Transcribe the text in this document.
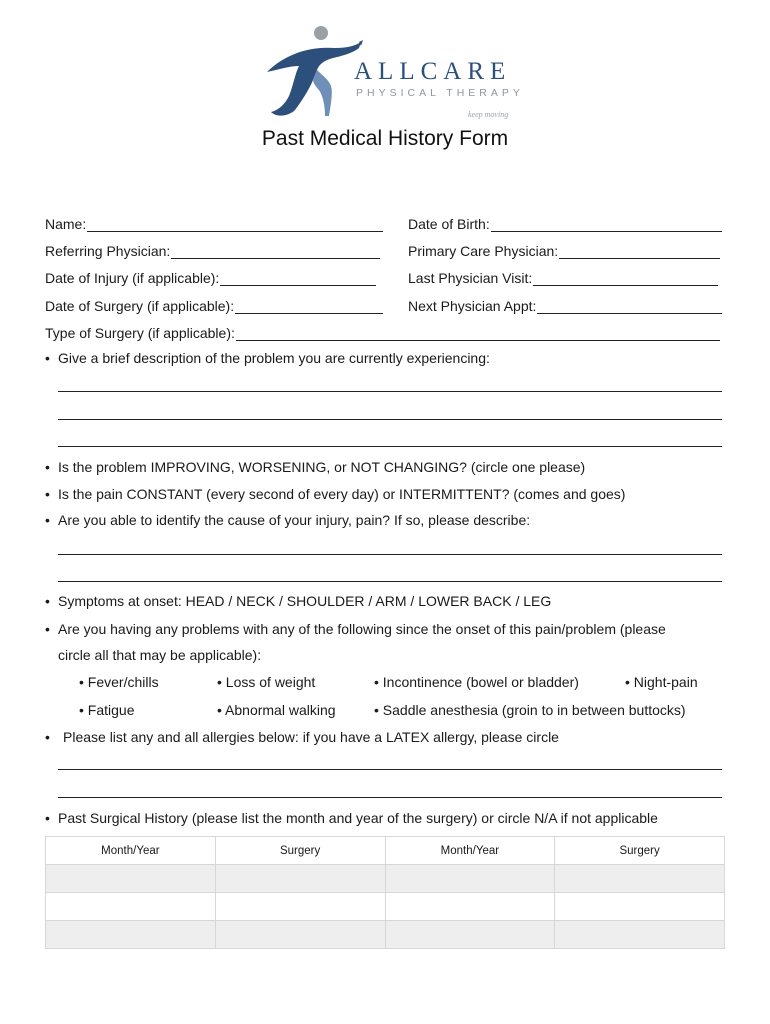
ALLCARE
PHYSICAL THERAPY
keep moving
Past Medical History Form
Name:	Date of Birth:
Referring Physician:	Primary Care Physician:
Date of Injury (if applicable):	Last Physician Visit:
Date of Surgery (if applicable):	Next Physician Appt:
Type of Surgery (if applicable):
• Give a brief description of the problem you are currently experiencing:
• Is the problem IMPROVING, WORSENING, or NOT CHANGING? (circle one please)
• Is the pain CONSTANT (every second of every day) or INTERMITTENT? (comes and goes)
• Are you able to identify the cause of your injury, pain? If so, please describe:
• Symptoms at onset: HEAD / NECK / SHOULDER / ARM / LOWER BACK / LEG
• Are you having any problems with any of the following since the onset of this pain/problem (please
circle all that may be applicable):
• Fever/chills	• Loss of weight	• Incontinence (bowel or bladder)	• Night-pain
• Fatigue	• Abnormal walking	• Saddle anesthesia (groin to in between buttocks)
• Please list any and all allergies below: if you have a LATEX allergy, please circle
• Past Surgical History (please list the month and year of the surgery) or circle N/A if not applicable
Month/Year	Surgery	Month/Year	Surgery
